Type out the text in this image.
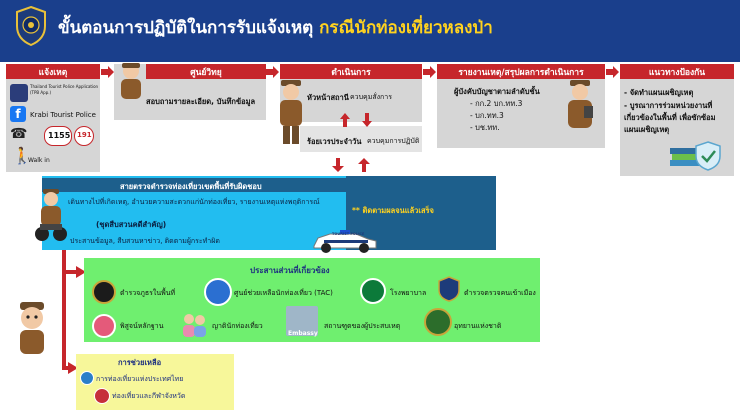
ขั้นตอนการปฏิบัติในการรับแจ้งเหตุ กรณีนักท่องเที่ยวหลงป่า
แจ้งเหตุ
Thailand Tourist Police Application (TPB App.)
f	Krabi Tourist Police
☎	1155 191
🚶
Walk in
ศูนย์วิทยุ
สอบถามรายละเอียด, บันทึกข้อมูล
ดำเนินการ
หัวหน้าสถานี ควบคุมสั่งการ
ร้อยเวรประจำวัน ควบคุมการปฏิบัติ
รายงานเหตุ/สรุปผลการดำเนินการ
ผู้บังคับบัญชาตามลำดับชั้น
- กก.2 บก.ทท.3
- บก.ทท.3
- บช.ทท.
แนวทางป้องกัน
- จัดทำแผนเผชิญเหตุ
- บูรณาการร่วมหน่วยงานที่
เกี่ยวข้องในพื้นที่ เพื่อซักซ้อม
แผนเผชิญเหตุ
สายตรวจตำรวจท่องเที่ยวเขตพื้นที่รับผิดชอบ
เดินทางไปที่เกิดเหตุ, อำนวยความสะดวกแก่นักท่องเที่ยว, รายงานเหตุแห่งพฤติการณ์
** ติดตามผลจนแล้วเสร็จ
(ชุดสืบสวนคดีสำคัญ)
ประสานข้อมูล, สืบสวนหาข่าว, ติดตามผู้กระทำผิด
TOURIST POLICE
ประสานส่วนที่เกี่ยวข้อง
ตำรวจภูธรในพื้นที่	ศูนย์ช่วยเหลือนักท่องเที่ยว (TAC)	โรงพยาบาล	ตำรวจตรวจคนเข้าเมือง
พิสูจน์หลักฐาน	ญาตินักท่องเที่ยว
Embassy
สถานฑูตของผู้ประสบเหตุ	อุทยานแห่งชาติ
การช่วยเหลือ
การท่องเที่ยวแห่งประเทศไทย
ท่องเที่ยวและกีฬาจังหวัด
